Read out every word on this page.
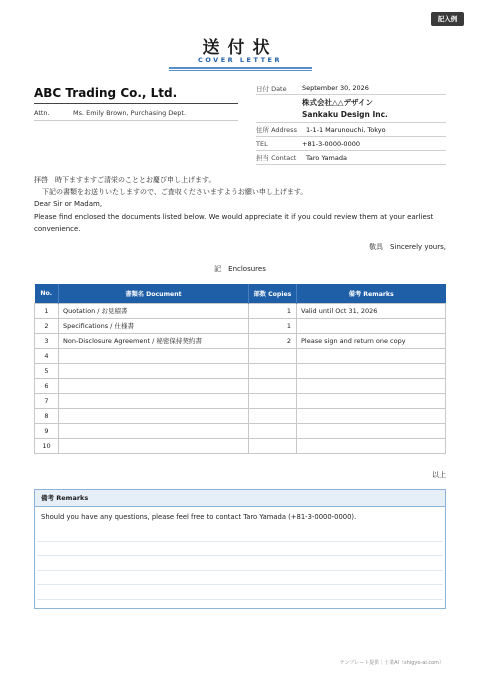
記入例
送付状
COVER LETTER
ABC Trading Co., Ltd.
Attn.	Ms. Emily Brown, Purchasing Dept.
日付 Date	September 30, 2026
株式会社△△デザイン
Sankaku Design Inc.
住所 Address	1-1-1 Marunouchi, Tokyo
TEL	+81-3-0000-0000
担当 Contact	Taro Yamada
拝啓　時下ますますご清栄のこととお慶び申し上げます。
下記の書類をお送りいたしますので、ご査収くださいますようお願い申し上げます。
Dear Sir or Madam,
Please find enclosed the documents listed below. We would appreciate it if you could review them at your earliest convenience.
敬具　Sincerely yours,
記　Enclosures
No.	書類名 Document	部数 Copies	備考 Remarks
1	Quotation / お見積書	1	Valid until Oct 31, 2026
2	Specifications / 仕様書	1	
3	Non-Disclosure Agreement / 秘密保持契約書	2	Please sign and return one copy
4			
5			
6			
7			
8			
9			
10			
以上
備考 Remarks
Should you have any questions, please feel free to contact Taro Yamada (+81-3-0000-0000).
テンプレート提供｜士業AI（shigyo-ai.com）
